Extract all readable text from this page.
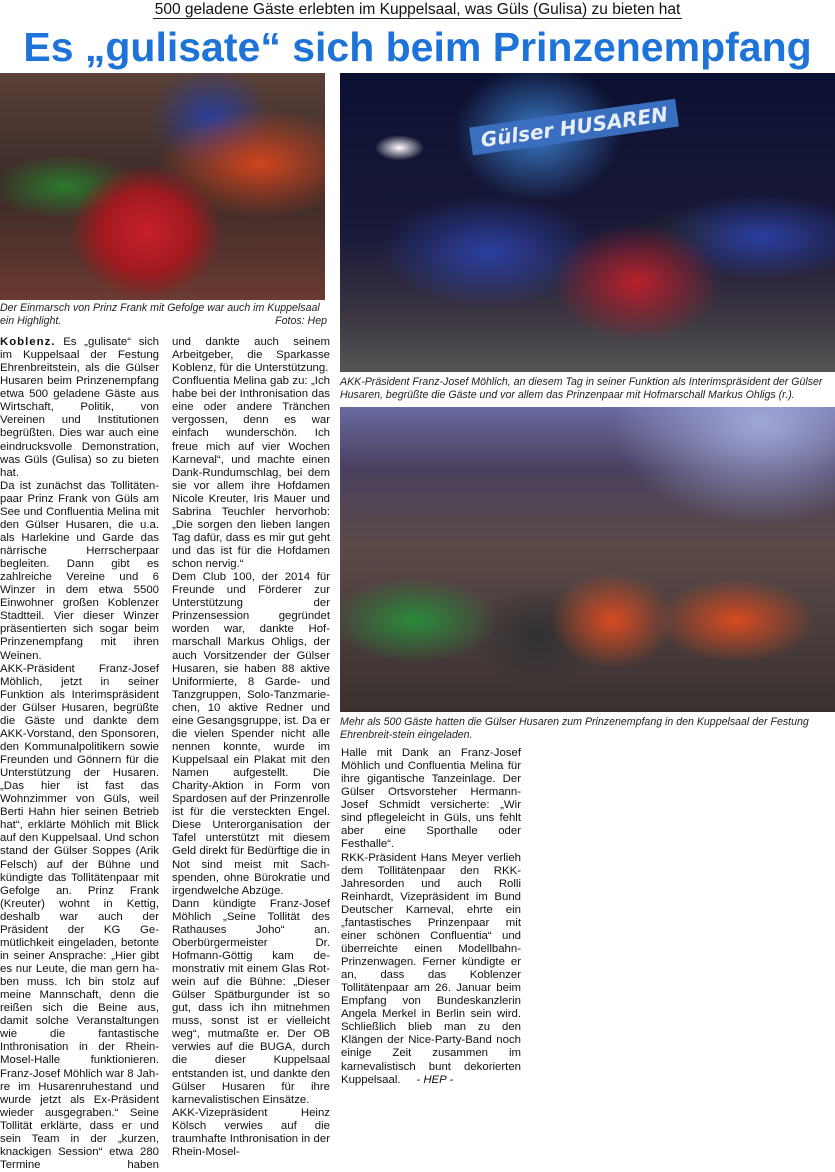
500 geladene Gäste erlebten im Kuppelsaal, was Güls (Gulisa) zu bieten hat
Es „gulisate“ sich beim Prinzenempfang
Der Einmarsch von Prinz Frank mit Gefolge war auch im Kuppelsaal ein Highlight.	Fotos: Hep
Gülser HUSAREN
AKK-Präsident Franz-Josef Möhlich, an diesem Tag in seiner Funktion als Interimspräsident der Gülser Husaren, begrüßte die Gäste und vor allem das Prinzenpaar mit Hofmarschall Markus Ohligs (r.).
Mehr als 500 Gäste hatten die Gülser Husaren zum Prinzenempfang in den Kuppelsaal der Festung Ehrenbreit-stein eingeladen.

Koblenz. Es „gulisate“ sich im Kuppelsaal der Festung Ehrenbreitstein, als die Gülser Husaren beim Prinzenempfang etwa 500 geladene Gäste aus Wirtschaft, Politik, von Vereinen und Institutionen begrüßten. Dies war auch eine eindrucksvolle Demonstration, was Güls (Gulisa) so zu bieten hat.

Da ist zunächst das Tollitätenpaar Prinz Frank von Güls am See und Confluentia Melina mit den Gülser Husaren, die u.a. als Harlekine und Garde das närrische Herrscherpaar begleiten. Dann gibt es zahlreiche Vereine und 6 Winzer in dem etwa 5500 Einwohner großen Koblenzer Stadtteil. Vier dieser Winzer präsentierten sich sogar beim Prinzenempfang mit ihren Weinen.

AKK-Präsident Franz-Josef Möhlich, jetzt in seiner Funktion als Interimspräsident der Gülser Husaren, begrüßte die Gäste und dankte dem AKK-Vorstand, den Sponsoren, den Kommunalpolitikern sowie Freunden und Gönnern für die Unterstützung der Husaren. „Das hier ist fast das Wohnzimmer von Güls, weil Berti Hahn hier seinen Betrieb hat“, erklärte Möhlich mit Blick auf den Kuppelsaal. Und schon stand der Gülser Soppes (Arik Felsch) auf der Bühne und kündigte das Tollitätenpaar mit Gefolge an. Prinz Frank (Kreuter) wohnt in Kettig, deshalb war auch der Präsident der KG Gemütlichkeit eingeladen, betonte in seiner Ansprache: „Hier gibt es nur Leute, die man gern haben muss. Ich bin stolz auf meine Mannschaft, denn die reißen sich die Beine aus, damit solche Veranstaltungen wie die fantastische Inthronisation in der Rhein-Mosel-Halle funktionieren. Franz-Josef Möhlich war 8 Jahre im Husarenruhestand und wurde jetzt als Ex-Präsident wieder ausgegraben.“ Seine Tollität erklärte, dass er und sein Team in der „kurzen, knackigen Session“ etwa 280 Termine haben

und dankte auch seinem Arbeitgeber, die Sparkasse Koblenz, für die Unterstützung.

Confluentia Melina gab zu: „Ich habe bei der Inthronisation das eine oder andere Tränchen vergossen, denn es war einfach wunderschön. Ich freue mich auf vier Wochen Karneval“, und machte einen Dank-Rundumschlag, bei dem sie vor allem ihre Hofdamen Nicole Kreuter, Iris Mauer und Sabrina Teuchler hervorhob: „Die sorgen den lieben langen Tag dafür, dass es mir gut geht und das ist für die Hofdamen schon nervig.“

Dem Club 100, der 2014 für Freunde und Förderer zur Unterstützung der Prinzensession gegründet worden war, dankte Hofmarschall Markus Ohligs, der auch Vorsitzender der Gülser Husaren, sie haben 88 aktive Uniformierte, 8 Garde- und Tanzgruppen, Solo-Tanzmariechen, 10 aktive Redner und eine Gesangsgruppe, ist. Da er die vielen Spender nicht alle nennen konnte, wurde im Kuppelsaal ein Plakat mit den Namen aufgestellt. Die Charity-Aktion in Form von Spardosen auf der Prinzenrolle ist für die versteckten Engel. Diese Unterorganisation der Tafel unterstützt mit diesem Geld direkt für Bedürftige die in Not sind meist mit Sachspenden, ohne Bürokratie und irgendwelche Abzüge.

Dann kündigte Franz-Josef Möhlich „Seine Tollität des Rathauses Joho“ an. Oberbürgermeister Dr. Hofmann-Göttig kam demonstrativ mit einem Glas Rotwein auf die Bühne: „Dieser Gülser Spätburgunder ist so gut, dass ich ihn mitnehmen muss, sonst ist er vielleicht weg“, mutmaßte er. Der OB verwies auf die BUGA, durch die dieser Kuppelsaal entstanden ist, und dankte den Gülser Husaren für ihre karnevalistischen Einsätze.

AKK-Vizepräsident Heinz Kölsch verwies auf die traumhafte Inthronisation in der Rhein-Mosel-

Halle mit Dank an Franz-Josef Möhlich und Confluentia Melina für ihre gigantische Tanzeinlage. Der Gülser Ortsvorsteher Hermann-Josef Schmidt versicherte: „Wir sind pflegeleicht in Güls, uns fehlt aber eine Sporthalle oder Festhalle“.

RKK-Präsident Hans Meyer verlieh dem Tollitätenpaar den RKK-Jahresorden und auch Rolli Reinhardt, Vizepräsident im Bund Deutscher Karneval, ehrte ein „fantastisches Prinzenpaar mit einer schönen Confluentia“ und überreichte einen Modellbahn-Prinzenwagen. Ferner kündigte er an, dass das Koblenzer Tollitätenpaar am 26. Januar beim Empfang von Bundeskanzlerin Angela Merkel in Berlin sein wird. Schließlich blieb man zu den Klängen der Nice-Party-Band noch einige Zeit zusammen im karnevalistisch bunt dekorierten Kuppelsaal. - HEP -
